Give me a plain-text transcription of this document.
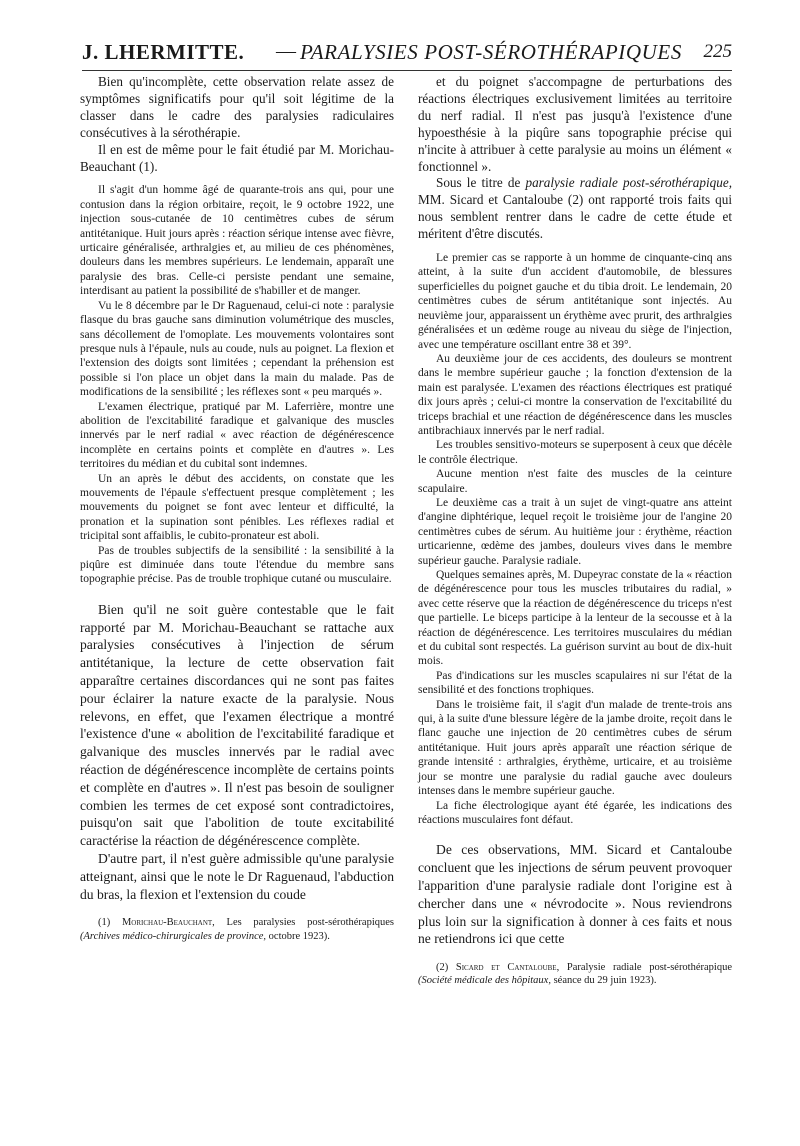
J. LHERMITTE. — PARALYSIES POST-SÉROTHÉRAPIQUES 225

Bien qu'incomplète, cette observation relate assez de symptômes significatifs pour qu'il soit légitime de la classer dans le cadre des paralysies radiculaires consécutives à la sérothérapie.

Il en est de même pour le fait étudié par M. Morichau-Beauchant (1).

Il s'agit d'un homme âgé de quarante-trois ans qui, pour une contusion dans la région orbitaire, reçoit, le 9 octobre 1922, une injection sous-cutanée de 10 centimètres cubes de sérum antitétanique. Huit jours après : réaction sérique intense avec fièvre, urticaire généralisée, arthralgies et, au milieu de ces phénomènes, douleurs dans les membres supérieurs. Le lendemain, apparaît une paralysie des bras. Celle-ci persiste pendant une semaine, interdisant au patient la possibilité de s'habiller et de manger.

Vu le 8 décembre par le Dr Raguenaud, celui-ci note : paralysie flasque du bras gauche sans diminution volumétrique des muscles, sans décollement de l'omoplate. Les mouvements volontaires sont presque nuls à l'épaule, nuls au coude, nuls au poignet. La flexion et l'extension des doigts sont limitées ; cependant la préhension est possible si l'on place un objet dans la main du malade. Pas de modifications de la sensibilité ; les réflexes sont « peu marqués ».

L'examen électrique, pratiqué par M. Laferrière, montre une abolition de l'excitabilité faradique et galvanique des muscles innervés par le nerf radial « avec réaction de dégénérescence incomplète en certains points et complète en d'autres ». Les territoires du médian et du cubital sont indemnes.

Un an après le début des accidents, on constate que les mouvements de l'épaule s'effectuent presque complètement ; les mouvements du poignet se font avec lenteur et difficulté, la pronation et la supination sont pénibles. Les réflexes radial et tricipital sont affaiblis, le cubito-pronateur est aboli.

Pas de troubles subjectifs de la sensibilité : la sensibilité à la piqûre est diminuée dans toute l'étendue du membre sans topographie précise. Pas de trouble trophique cutané ou musculaire.

Bien qu'il ne soit guère contestable que le fait rapporté par M. Morichau-Beauchant se rattache aux paralysies consécutives à l'injection de sérum antitétanique, la lecture de cette observation fait apparaître certaines discordances qui ne sont pas faites pour éclairer la nature exacte de la paralysie. Nous relevons, en effet, que l'examen électrique a montré l'existence d'une « abolition de l'excitabilité faradique et galvanique des muscles innervés par le radial avec réaction de dégénérescence incomplète de certains points et complète en d'autres ». Il n'est pas besoin de souligner combien les termes de cet exposé sont contradictoires, puisqu'on sait que l'abolition de toute excitabilité caractérise la réaction de dégénérescence complète.

D'autre part, il n'est guère admissible qu'une paralysie atteignant, ainsi que le note le Dr Raguenaud, l'abduction du bras, la flexion et l'extension du coude

(1) Morichau-Beauchant, Les paralysies post-sérothérapiques (Archives médico-chirurgicales de province, octobre 1923).

et du poignet s'accompagne de perturbations des réactions électriques exclusivement limitées au territoire du nerf radial. Il n'est pas jusqu'à l'existence d'une hypoesthésie à la piqûre sans topographie précise qui n'incite à attribuer à cette paralysie au moins un élément « fonctionnel ».

Sous le titre de paralysie radiale post-sérothérapique, MM. Sicard et Cantaloube (2) ont rapporté trois faits qui nous semblent rentrer dans le cadre de cette étude et méritent d'être discutés.

Le premier cas se rapporte à un homme de cinquante-cinq ans atteint, à la suite d'un accident d'automobile, de blessures superficielles du poignet gauche et du tibia droit. Le lendemain, 20 centimètres cubes de sérum antitétanique sont injectés. Au neuvième jour, apparaissent un érythème avec prurit, des arthralgies généralisées et un œdème rouge au niveau du siège de l'injection, avec une température oscillant entre 38 et 39°.

Au deuxième jour de ces accidents, des douleurs se montrent dans le membre supérieur gauche ; la fonction d'extension de la main est paralysée. L'examen des réactions électriques est pratiqué dix jours après ; celui-ci montre la conservation de l'excitabilité du triceps brachial et une réaction de dégénérescence dans les muscles antibrachiaux innervés par le nerf radial.

Les troubles sensitivo-moteurs se superposent à ceux que décèle le contrôle électrique.

Aucune mention n'est faite des muscles de la ceinture scapulaire.

Le deuxième cas a trait à un sujet de vingt-quatre ans atteint d'angine diphtérique, lequel reçoit le troisième jour de l'angine 20 centimètres cubes de sérum. Au huitième jour : érythème, réaction urticarienne, œdème des jambes, douleurs vives dans le membre supérieur gauche. Paralysie radiale.

Quelques semaines après, M. Dupeyrac constate de la « réaction de dégénérescence pour tous les muscles tributaires du radial, » avec cette réserve que la réaction de dégénérescence du triceps n'est que partielle. Le biceps participe à la lenteur de la secousse et à la réaction de dégénérescence. Les territoires musculaires du médian et du cubital sont respectés. La guérison survint au bout de dix-huit mois.

Pas d'indications sur les muscles scapulaires ni sur l'état de la sensibilité et des fonctions trophiques.

Dans le troisième fait, il s'agit d'un malade de trente-trois ans qui, à la suite d'une blessure légère de la jambe droite, reçoit dans le flanc gauche une injection de 20 centimètres cubes de sérum antitétanique. Huit jours après apparaît une réaction sérique de grande intensité : arthralgies, érythème, urticaire, et au troisième jour se montre une paralysie du radial gauche avec douleurs intenses dans le membre supérieur gauche.

La fiche électrologique ayant été égarée, les indications des réactions musculaires font défaut.

De ces observations, MM. Sicard et Cantaloube concluent que les injections de sérum peuvent provoquer l'apparition d'une paralysie radiale dont l'origine est à chercher dans une « névrodocite ». Nous reviendrons plus loin sur la signification à donner à ces faits et nous ne retiendrons ici que cette

(2) Sicard et Cantaloube, Paralysie radiale post-sérothérapique (Société médicale des hôpitaux, séance du 29 juin 1923).
